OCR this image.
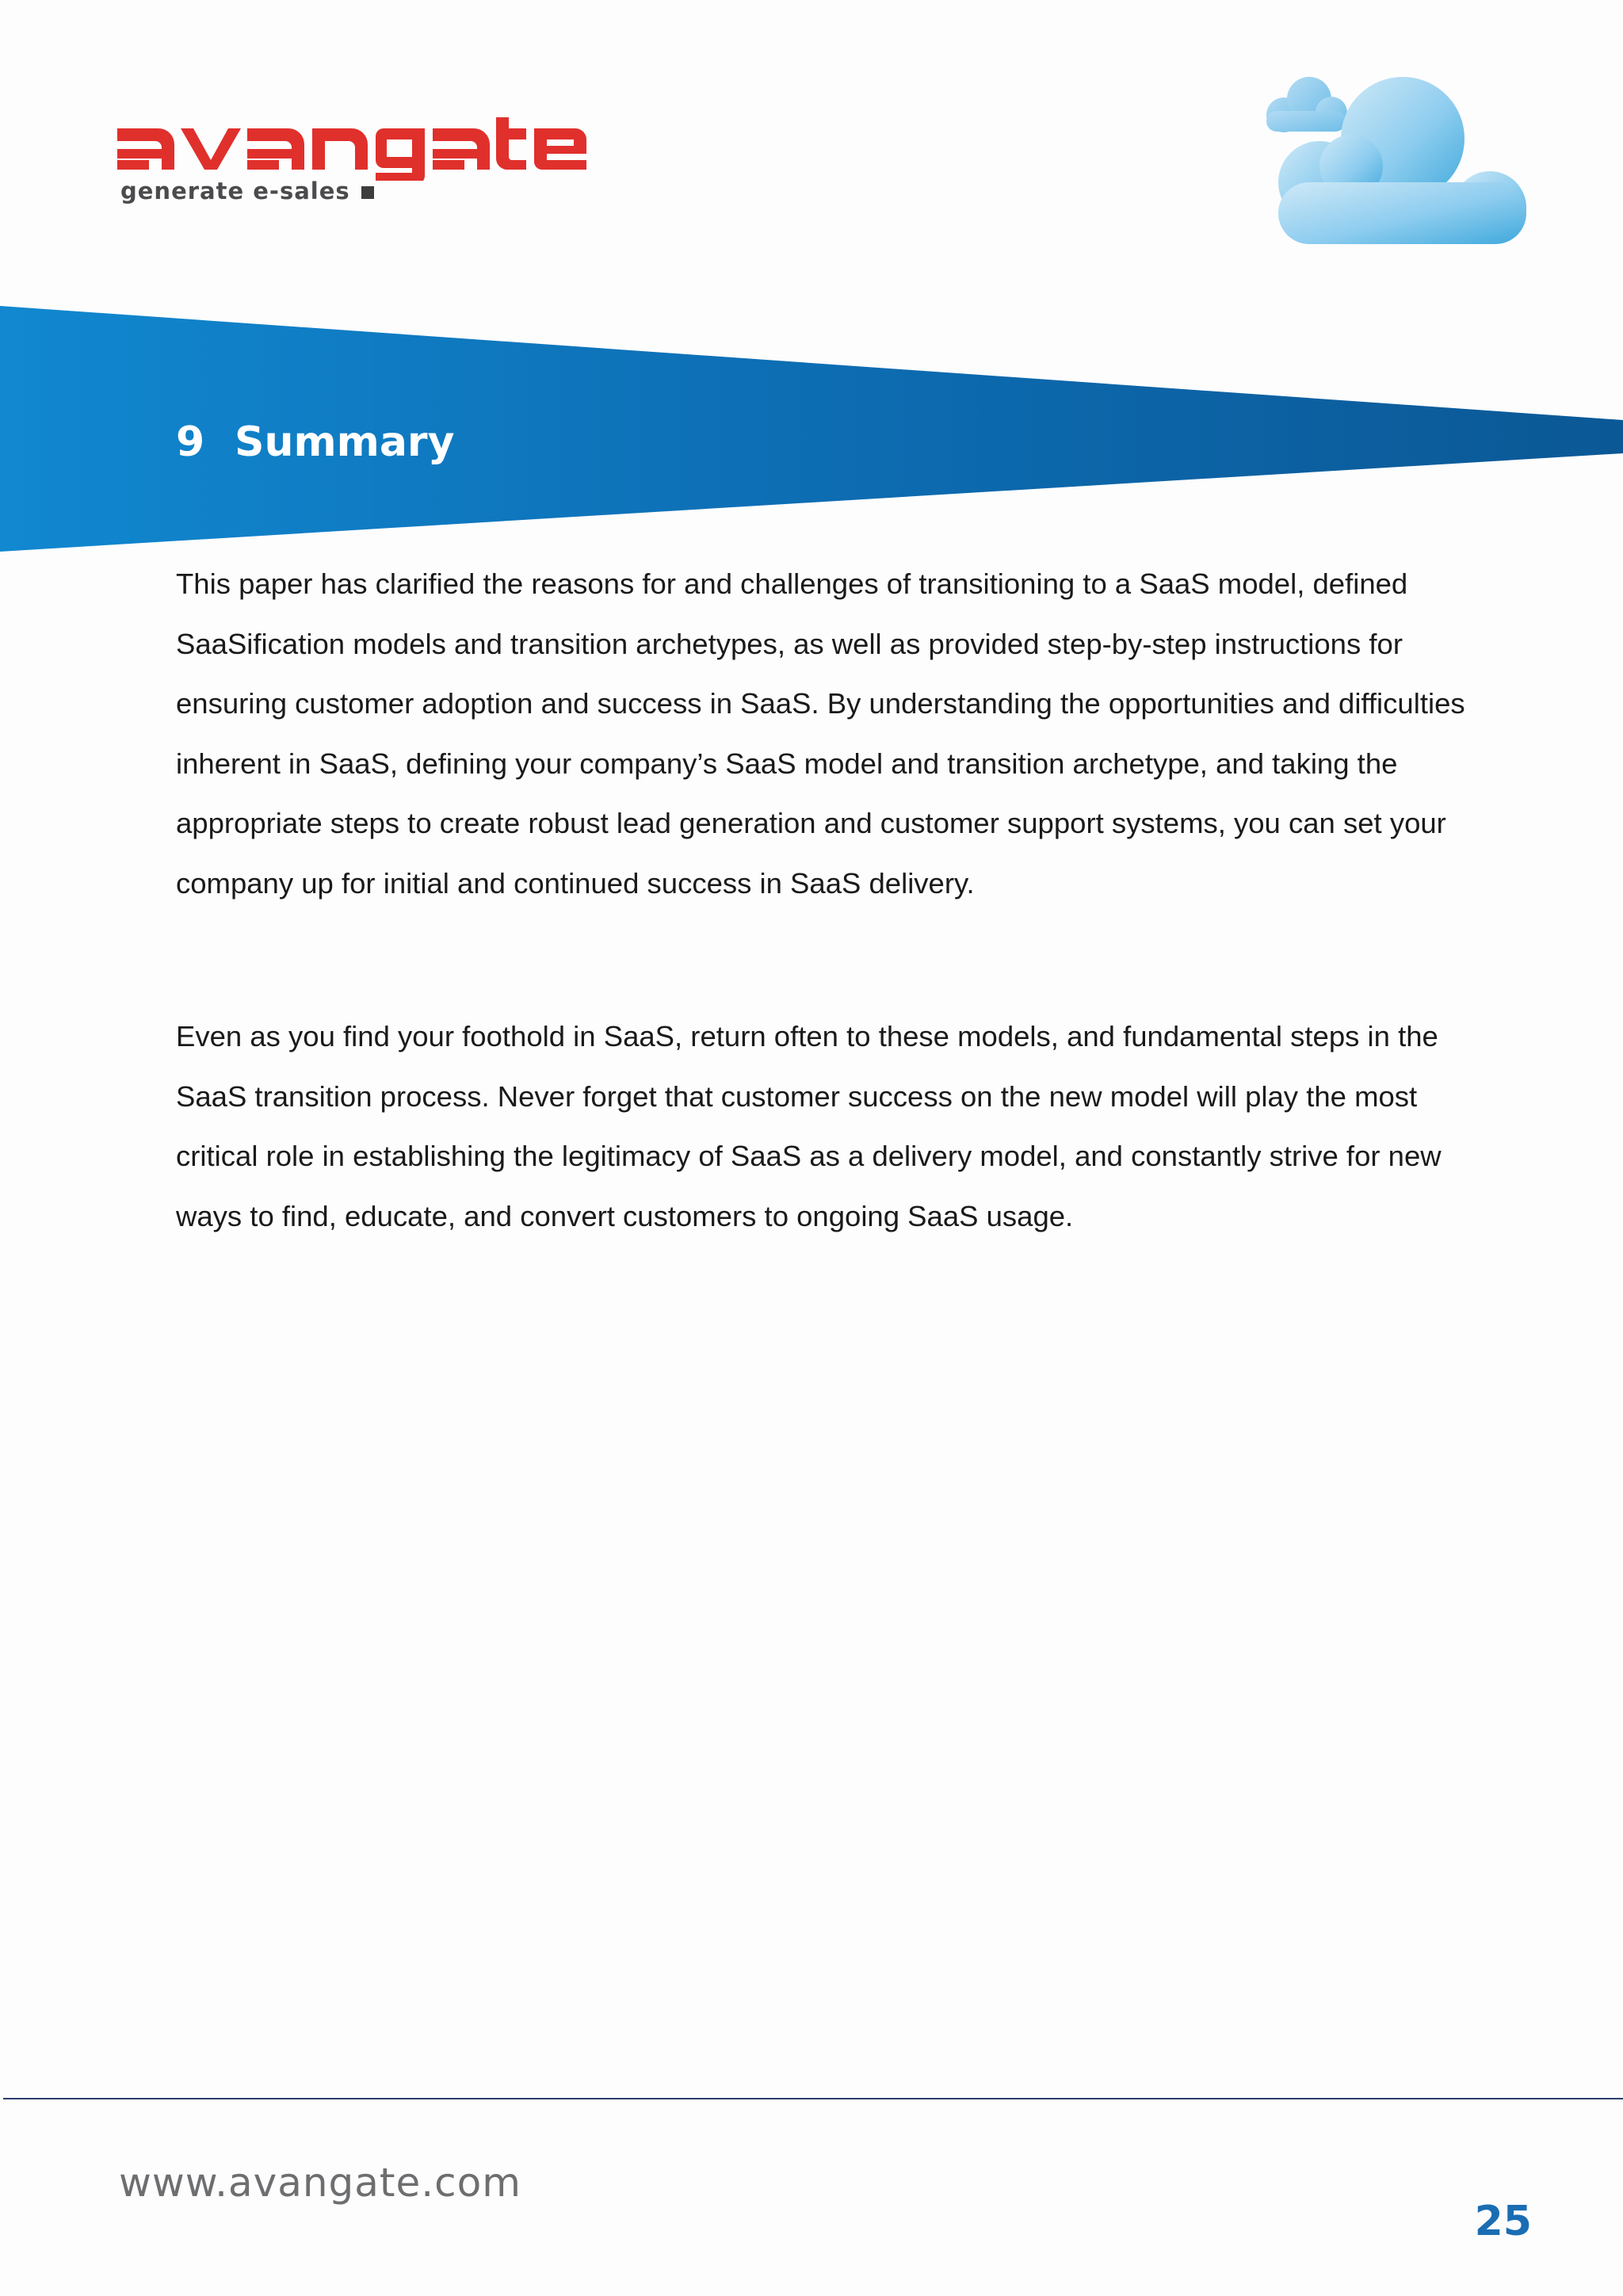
generate e-sales
9 Summary

This paper has clarified the reasons for and challenges of transitioning to a SaaS model, defined SaaSification models and transition archetypes, as well as provided step-by-step instructions for ensuring customer adoption and success in SaaS. By understanding the opportunities and difficulties inherent in SaaS, defining your company’s SaaS model and transition archetype, and taking the appropriate steps to create robust lead generation and customer support systems, you can set your company up for initial and continued success in SaaS delivery.

Even as you find your foothold in SaaS, return often to these models, and fundamental steps in the SaaS transition process. Never forget that customer success on the new model will play the most critical role in establishing the legitimacy of SaaS as a delivery model, and constantly strive for new ways to find, educate, and convert customers to ongoing SaaS usage.

www.avangate.com
25
